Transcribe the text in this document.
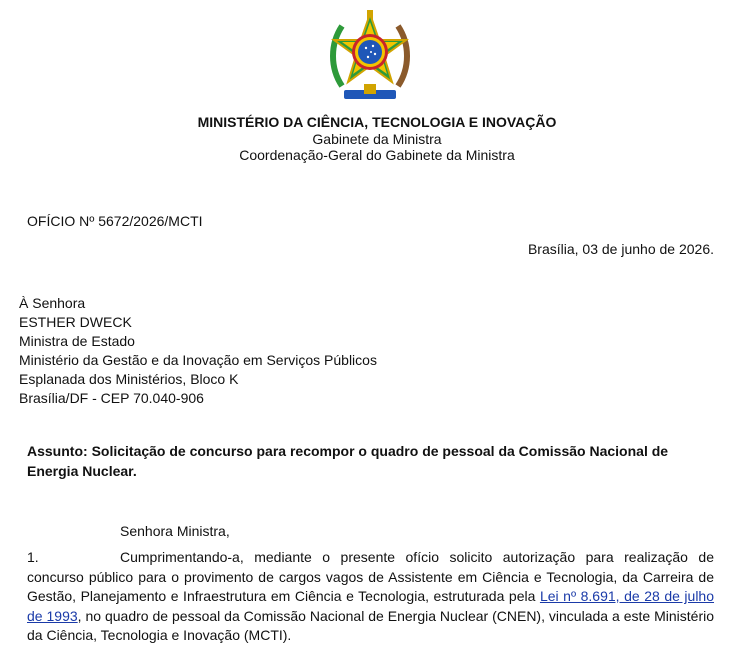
MINISTÉRIO DA CIÊNCIA, TECNOLOGIA E INOVAÇÃO
Gabinete da Ministra
Coordenação-Geral do Gabinete da Ministra
OFÍCIO Nº 5672/2026/MCTI
Brasília, 03 de junho de 2026.
À Senhora
ESTHER DWECK
Ministra de Estado
Ministério da Gestão e da Inovação em Serviços Públicos
Esplanada dos Ministérios, Bloco K
Brasília/DF - CEP 70.040-906
Assunto: Solicitação de concurso para recompor o quadro de pessoal da Comissão Nacional de Energia Nuclear.
Senhora Ministra,
1.	Cumprimentando-a, mediante o presente ofício solicito autorização para realização de concurso público para o provimento de cargos vagos de Assistente em Ciência e Tecnologia, da Carreira de Gestão, Planejamento e Infraestrutura em Ciência e Tecnologia, estruturada pela Lei nº 8.691, de 28 de julho de 1993, no quadro de pessoal da Comissão Nacional de Energia Nuclear (CNEN), vinculada a este Ministério da Ciência, Tecnologia e Inovação (MCTI).
